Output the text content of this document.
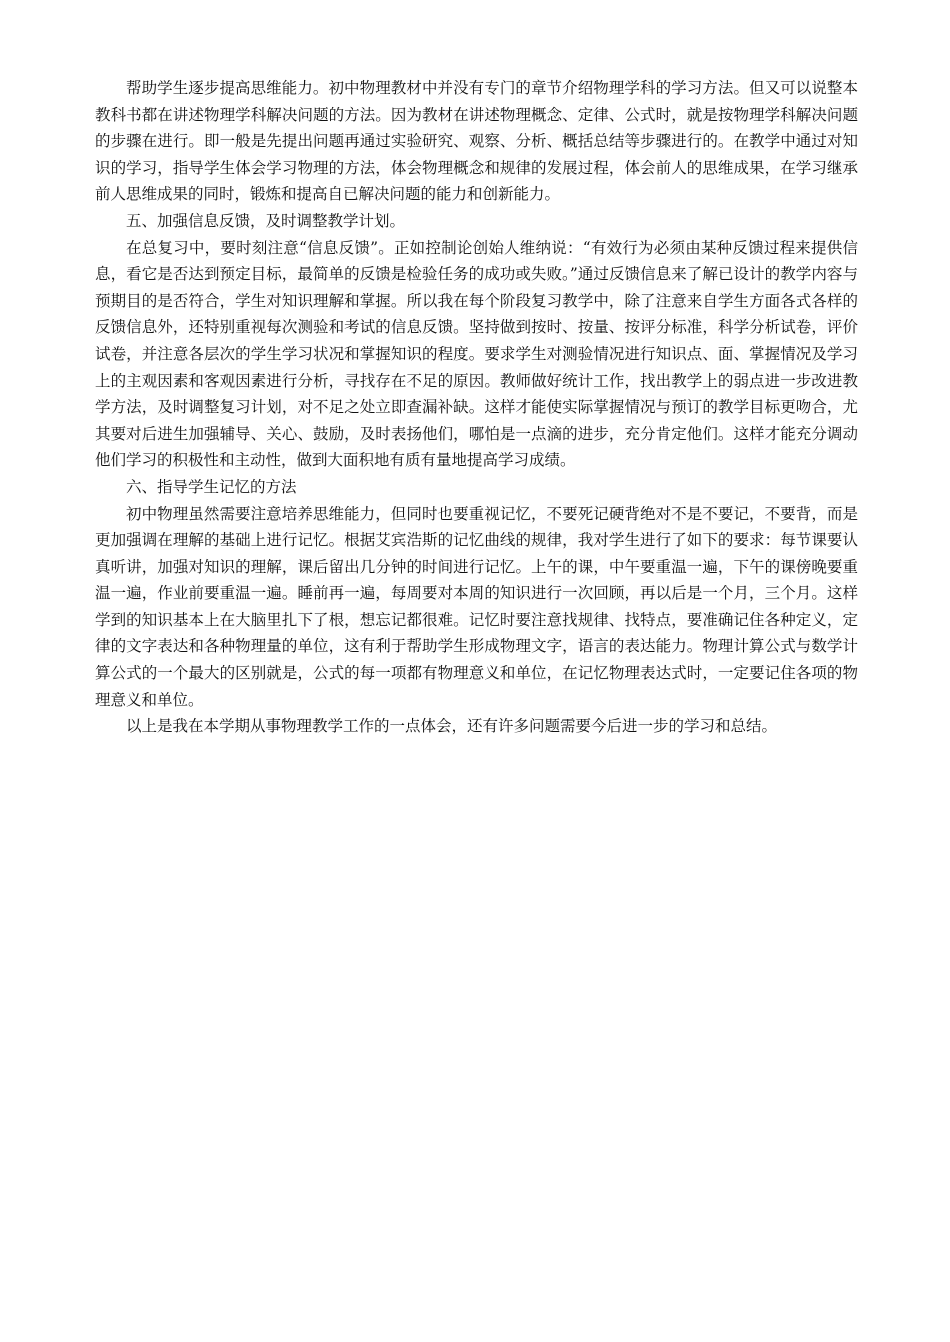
帮助学生逐步提高思维能力。初中物理教材中并没有专门的章节介绍物理学科的学习方法。但又可以说整本教科书都在讲述物理学科解决问题的方法。因为教材在讲述物理概念、定律、公式时，就是按物理学科解决问题的步骤在进行。即一般是先提出问题再通过实验研究、观察、分析、概括总结等步骤进行的。在教学中通过对知识的学习，指导学生体会学习物理的方法，体会物理概念和规律的发展过程，体会前人的思维成果，在学习继承前人思维成果的同时，锻炼和提高自已解决问题的能力和创新能力。

五、加强信息反馈，及时调整教学计划。

在总复习中，要时刻注意“信息反馈”。正如控制论创始人维纳说：“有效行为必须由某种反馈过程来提供信息，看它是否达到预定目标，最简单的反馈是检验任务的成功或失败。”通过反馈信息来了解已设计的教学内容与预期目的是否符合，学生对知识理解和掌握。所以我在每个阶段复习教学中，除了注意来自学生方面各式各样的反馈信息外，还特别重视每次测验和考试的信息反馈。坚持做到按时、按量、按评分标准，科学分析试卷，评价试卷，并注意各层次的学生学习状况和掌握知识的程度。要求学生对测验情况进行知识点、面、掌握情况及学习上的主观因素和客观因素进行分析，寻找存在不足的原因。教师做好统计工作，找出教学上的弱点进一步改进教学方法，及时调整复习计划，对不足之处立即查漏补缺。这样才能使实际掌握情况与预订的教学目标更吻合，尤其要对后进生加强辅导、关心、鼓励，及时表扬他们，哪怕是一点滴的进步，充分肯定他们。这样才能充分调动他们学习的积极性和主动性，做到大面积地有质有量地提高学习成绩。

六、指导学生记忆的方法

初中物理虽然需要注意培养思维能力，但同时也要重视记忆，不要死记硬背绝对不是不要记，不要背，而是更加强调在理解的基础上进行记忆。根据艾宾浩斯的记忆曲线的规律，我对学生进行了如下的要求：每节课要认真听讲，加强对知识的理解，课后留出几分钟的时间进行记忆。上午的课，中午要重温一遍，下午的课傍晚要重温一遍，作业前要重温一遍。睡前再一遍，每周要对本周的知识进行一次回顾，再以后是一个月，三个月。这样学到的知识基本上在大脑里扎下了根，想忘记都很难。记忆时要注意找规律、找特点，要准确记住各种定义，定律的文字表达和各种物理量的单位，这有利于帮助学生形成物理文字，语言的表达能力。物理计算公式与数学计算公式的一个最大的区别就是，公式的每一项都有物理意义和单位，在记忆物理表达式时，一定要记住各项的物理意义和单位。

以上是我在本学期从事物理教学工作的一点体会，还有许多问题需要今后进一步的学习和总结。
